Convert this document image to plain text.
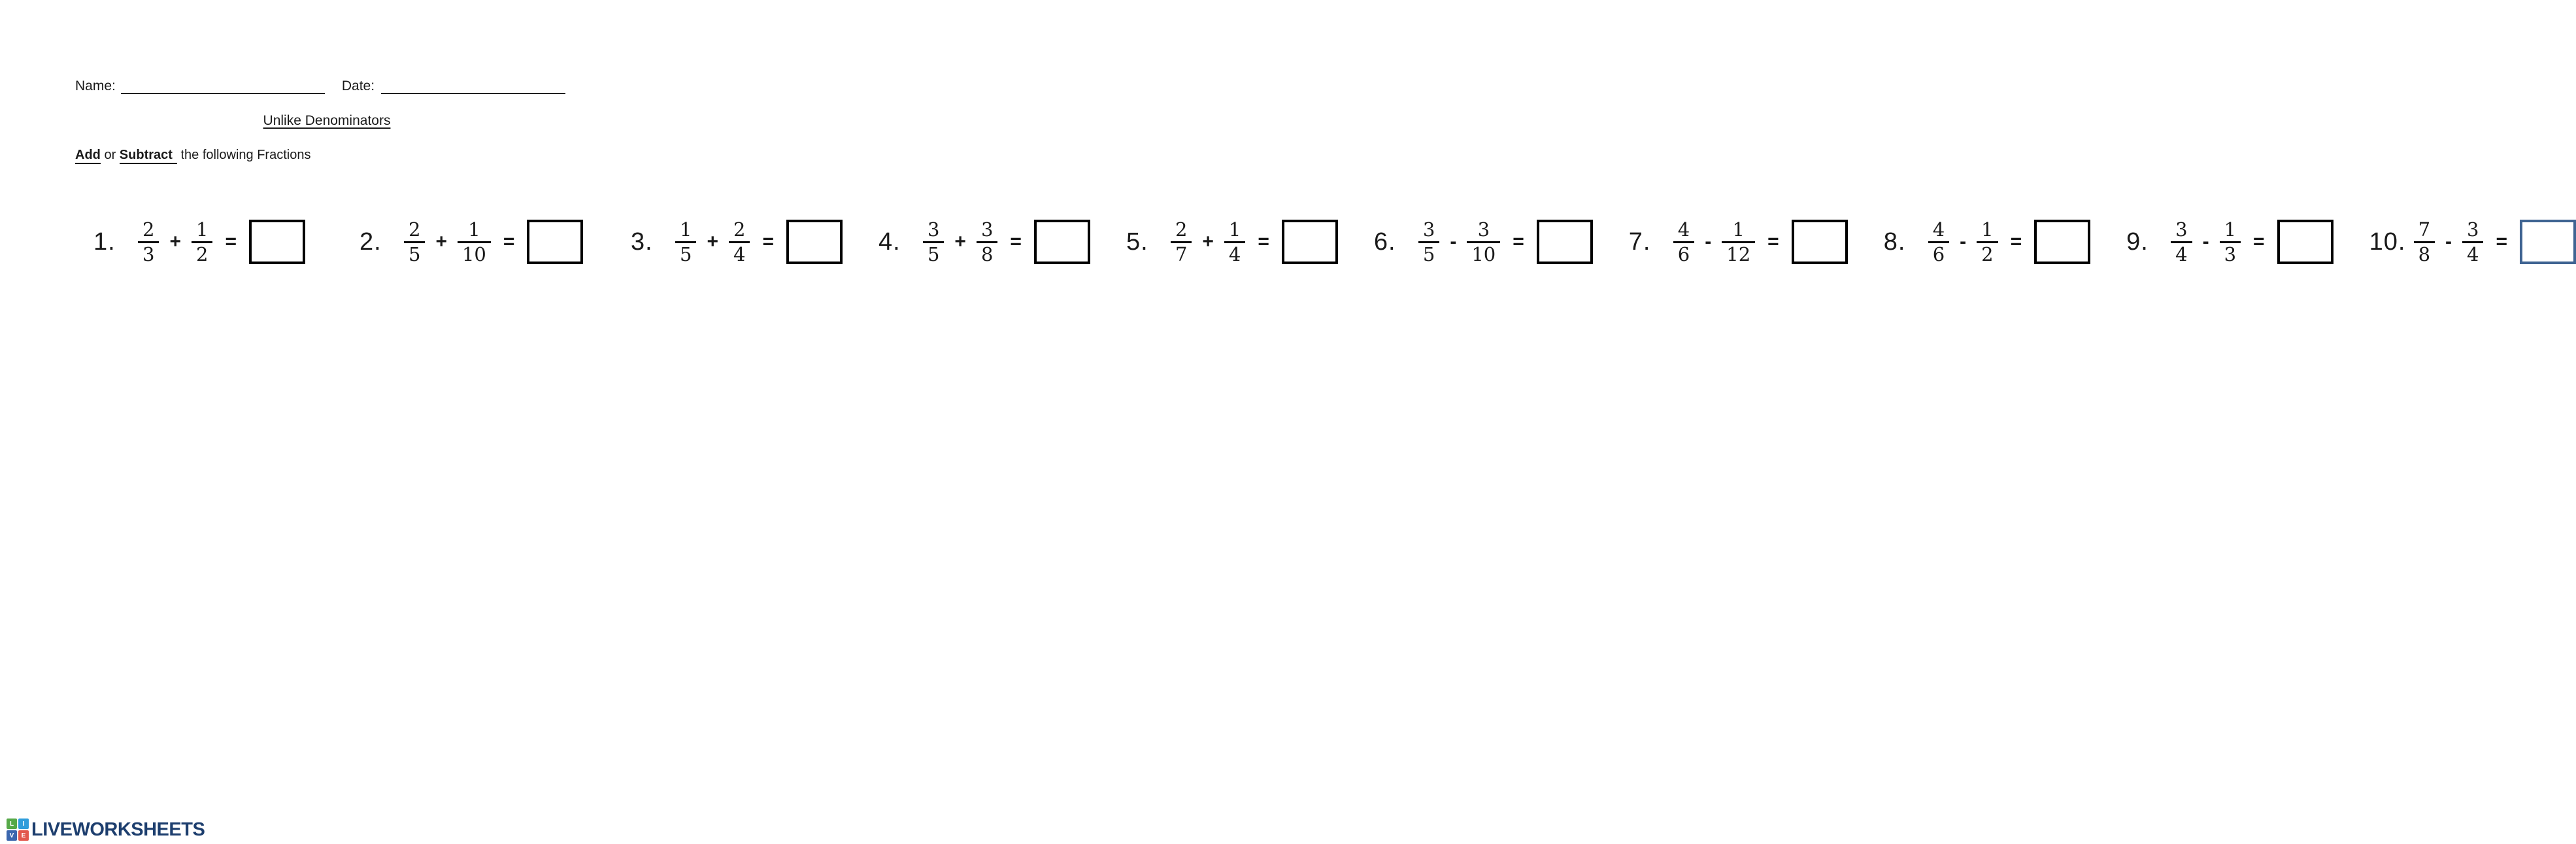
Name:	Date:
Unlike Denominators
Add or Subtract the following Fractions
1.	$\frac{2}{3} + \frac{1}{2}$ =	2.	$\frac{2}{5} + \frac{1}{10}$ =	3.	$\frac{1}{5} + \frac{2}{4}$ =	4.	$\frac{3}{5} + \frac{3}{8}$ =	5.	$\frac{2}{7} + \frac{1}{4}$ =	6.	$\frac{3}{5} - \frac{3}{10}$ =	7.	$\frac{4}{6} - \frac{1}{12}$ =	8.	$\frac{4}{6} - \frac{1}{2}$ =	9.	$\frac{3}{4} - \frac{1}{3}$ =	10. $\frac{7}{8} - \frac{3}{4}$ =
L	I
V	E LIVEWORKSHEETS
